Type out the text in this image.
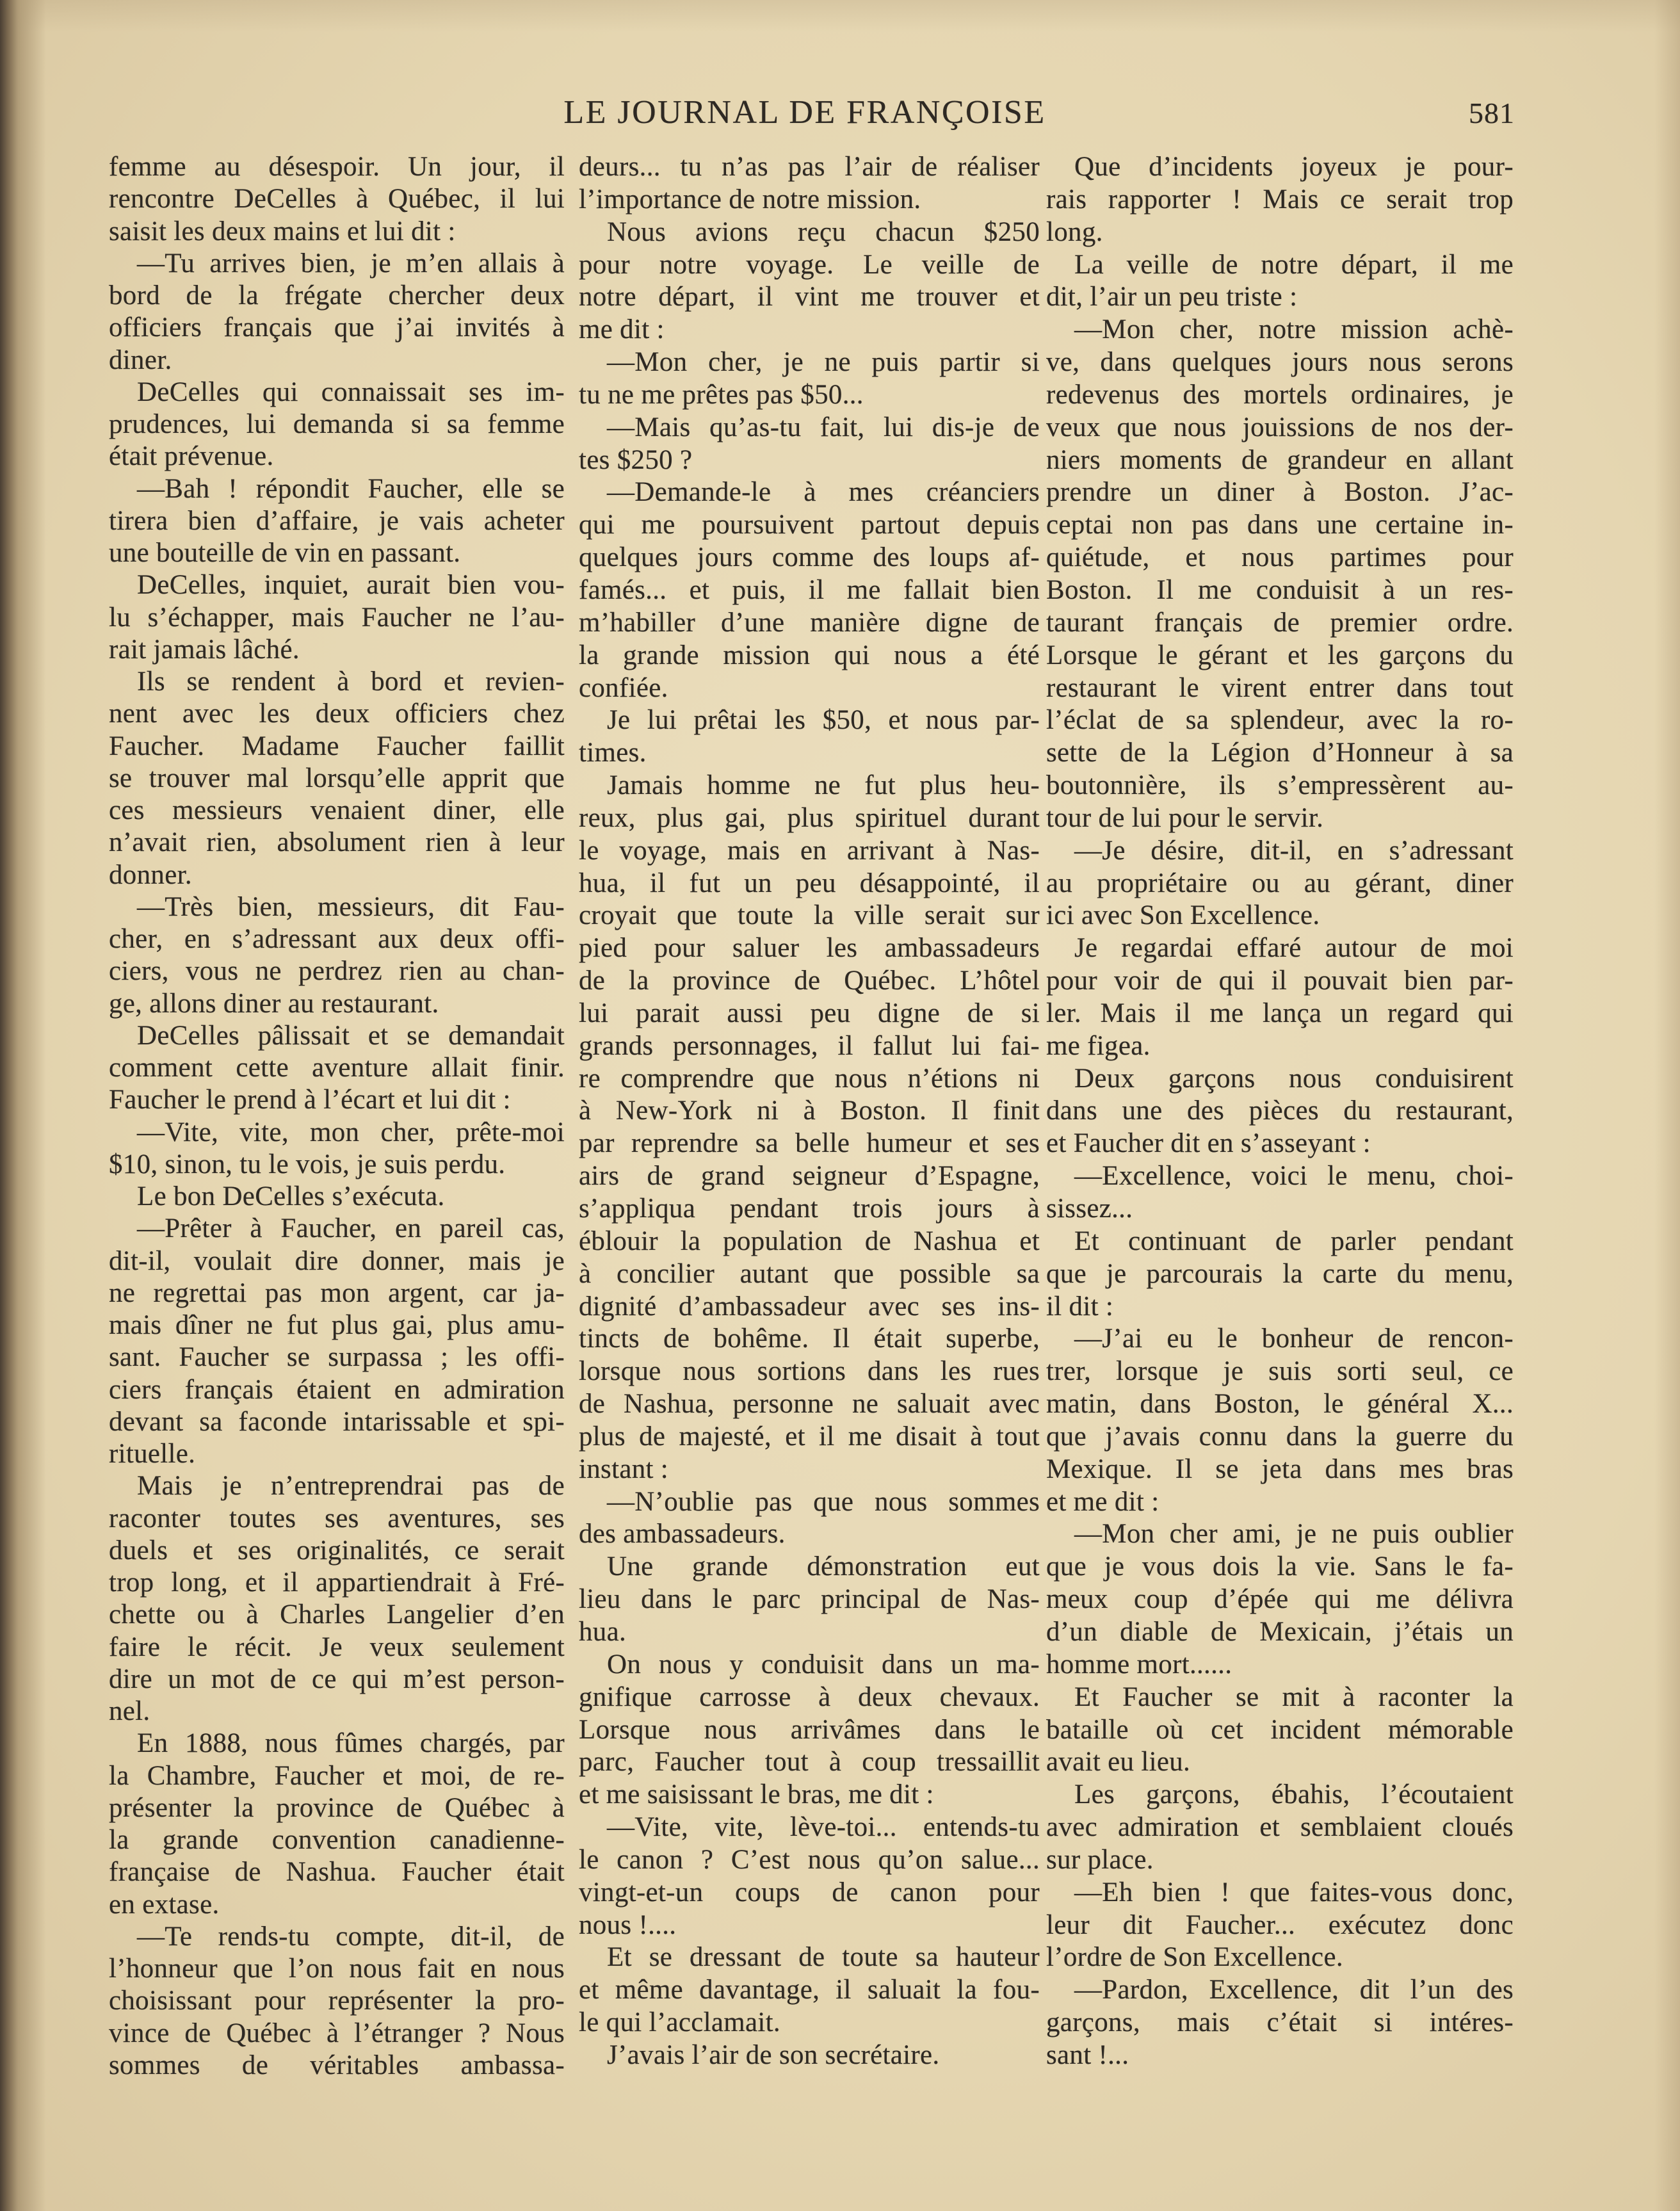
LE JOURNAL DE FRANÇOISE	581
femme au désespoir. Un jour, il
rencontre DeCelles à Québec, il lui
saisit les deux mains et lui dit :
—Tu arrives bien, je m’en allais à
bord de la frégate chercher deux
officiers français que j’ai invités à
diner.
DeCelles qui connaissait ses im-
prudences, lui demanda si sa femme
était prévenue.
—Bah ! répondit Faucher, elle se
tirera bien d’affaire, je vais acheter
une bouteille de vin en passant.
DeCelles, inquiet, aurait bien vou-
lu s’échapper, mais Faucher ne l’au-
rait jamais lâché.
Ils se rendent à bord et revien-
nent avec les deux officiers chez
Faucher. Madame Faucher faillit
se trouver mal lorsqu’elle apprit que
ces messieurs venaient diner, elle
n’avait rien, absolument rien à leur
donner.
—Très bien, messieurs, dit Fau-
cher, en s’adressant aux deux offi-
ciers, vous ne perdrez rien au chan-
ge, allons diner au restaurant.
DeCelles pâlissait et se demandait
comment cette aventure allait finir.
Faucher le prend à l’écart et lui dit :
—Vite, vite, mon cher, prête-moi
$10, sinon, tu le vois, je suis perdu.
Le bon DeCelles s’exécuta.
—Prêter à Faucher, en pareil cas,
dit-il, voulait dire donner, mais je
ne regrettai pas mon argent, car ja-
mais dîner ne fut plus gai, plus amu-
sant. Faucher se surpassa ; les offi-
ciers français étaient en admiration
devant sa faconde intarissable et spi-
rituelle.
Mais je n’entreprendrai pas de
raconter toutes ses aventures, ses
duels et ses originalités, ce serait
trop long, et il appartiendrait à Fré-
chette ou à Charles Langelier d’en
faire le récit. Je veux seulement
dire un mot de ce qui m’est person-
nel.
En 1888, nous fûmes chargés, par
la Chambre, Faucher et moi, de re-
présenter la province de Québec à
la grande convention canadienne-
française de Nashua. Faucher était
en extase.
—Te rends-tu compte, dit-il, de
l’honneur que l’on nous fait en nous
choisissant pour représenter la pro-
vince de Québec à l’étranger ? Nous
sommes de véritables ambassa-
deurs... tu n’as pas l’air de réaliser
l’importance de notre mission.
Nous avions reçu chacun $250
pour notre voyage. Le veille de
notre départ, il vint me trouver et
me dit :
—Mon cher, je ne puis partir si
tu ne me prêtes pas $50...
—Mais qu’as-tu fait, lui dis-je de
tes $250 ?
—Demande-le à mes créanciers
qui me poursuivent partout depuis
quelques jours comme des loups af-
famés... et puis, il me fallait bien
m’habiller d’une manière digne de
la grande mission qui nous a été
confiée.
Je lui prêtai les $50, et nous par-
times.
Jamais homme ne fut plus heu-
reux, plus gai, plus spirituel durant
le voyage, mais en arrivant à Nas-
hua, il fut un peu désappointé, il
croyait que toute la ville serait sur
pied pour saluer les ambassadeurs
de la province de Québec. L’hôtel
lui parait aussi peu digne de si
grands personnages, il fallut lui fai-
re comprendre que nous n’étions ni
à New-York ni à Boston. Il finit
par reprendre sa belle humeur et ses
airs de grand seigneur d’Espagne,
s’appliqua pendant trois jours à
éblouir la population de Nashua et
à concilier autant que possible sa
dignité d’ambassadeur avec ses ins-
tincts de bohême. Il était superbe,
lorsque nous sortions dans les rues
de Nashua, personne ne saluait avec
plus de majesté, et il me disait à tout
instant :
—N’oublie pas que nous sommes
des ambassadeurs.
Une grande démonstration eut
lieu dans le parc principal de Nas-
hua.
On nous y conduisit dans un ma-
gnifique carrosse à deux chevaux.
Lorsque nous arrivâmes dans le
parc, Faucher tout à coup tressaillit
et me saisissant le bras, me dit :
—Vite, vite, lève-toi... entends-tu
le canon ? C’est nous qu’on salue...
vingt-et-un coups de canon pour
nous !....
Et se dressant de toute sa hauteur
et même davantage, il saluait la fou-
le qui l’acclamait.
J’avais l’air de son secrétaire.
Que d’incidents joyeux je pour-
rais rapporter ! Mais ce serait trop
long.
La veille de notre départ, il me
dit, l’air un peu triste :
—Mon cher, notre mission achè-
ve, dans quelques jours nous serons
redevenus des mortels ordinaires, je
veux que nous jouissions de nos der-
niers moments de grandeur en allant
prendre un diner à Boston. J’ac-
ceptai non pas dans une certaine in-
quiétude, et nous partimes pour
Boston. Il me conduisit à un res-
taurant français de premier ordre.
Lorsque le gérant et les garçons du
restaurant le virent entrer dans tout
l’éclat de sa splendeur, avec la ro-
sette de la Légion d’Honneur à sa
boutonnière, ils s’empressèrent au-
tour de lui pour le servir.
—Je désire, dit-il, en s’adressant
au propriétaire ou au gérant, diner
ici avec Son Excellence.
Je regardai effaré autour de moi
pour voir de qui il pouvait bien par-
ler. Mais il me lança un regard qui
me figea.
Deux garçons nous conduisirent
dans une des pièces du restaurant,
et Faucher dit en s’asseyant :
—Excellence, voici le menu, choi-
sissez...
Et continuant de parler pendant
que je parcourais la carte du menu,
il dit :
—J’ai eu le bonheur de rencon-
trer, lorsque je suis sorti seul, ce
matin, dans Boston, le général X...
que j’avais connu dans la guerre du
Mexique. Il se jeta dans mes bras
et me dit :
—Mon cher ami, je ne puis oublier
que je vous dois la vie. Sans le fa-
meux coup d’épée qui me délivra
d’un diable de Mexicain, j’étais un
homme mort......
Et Faucher se mit à raconter la
bataille où cet incident mémorable
avait eu lieu.
Les garçons, ébahis, l’écoutaient
avec admiration et semblaient cloués
sur place.
—Eh bien ! que faites-vous donc,
leur dit Faucher... exécutez donc
l’ordre de Son Excellence.
—Pardon, Excellence, dit l’un des
garçons, mais c’était si intéres-
sant !...
